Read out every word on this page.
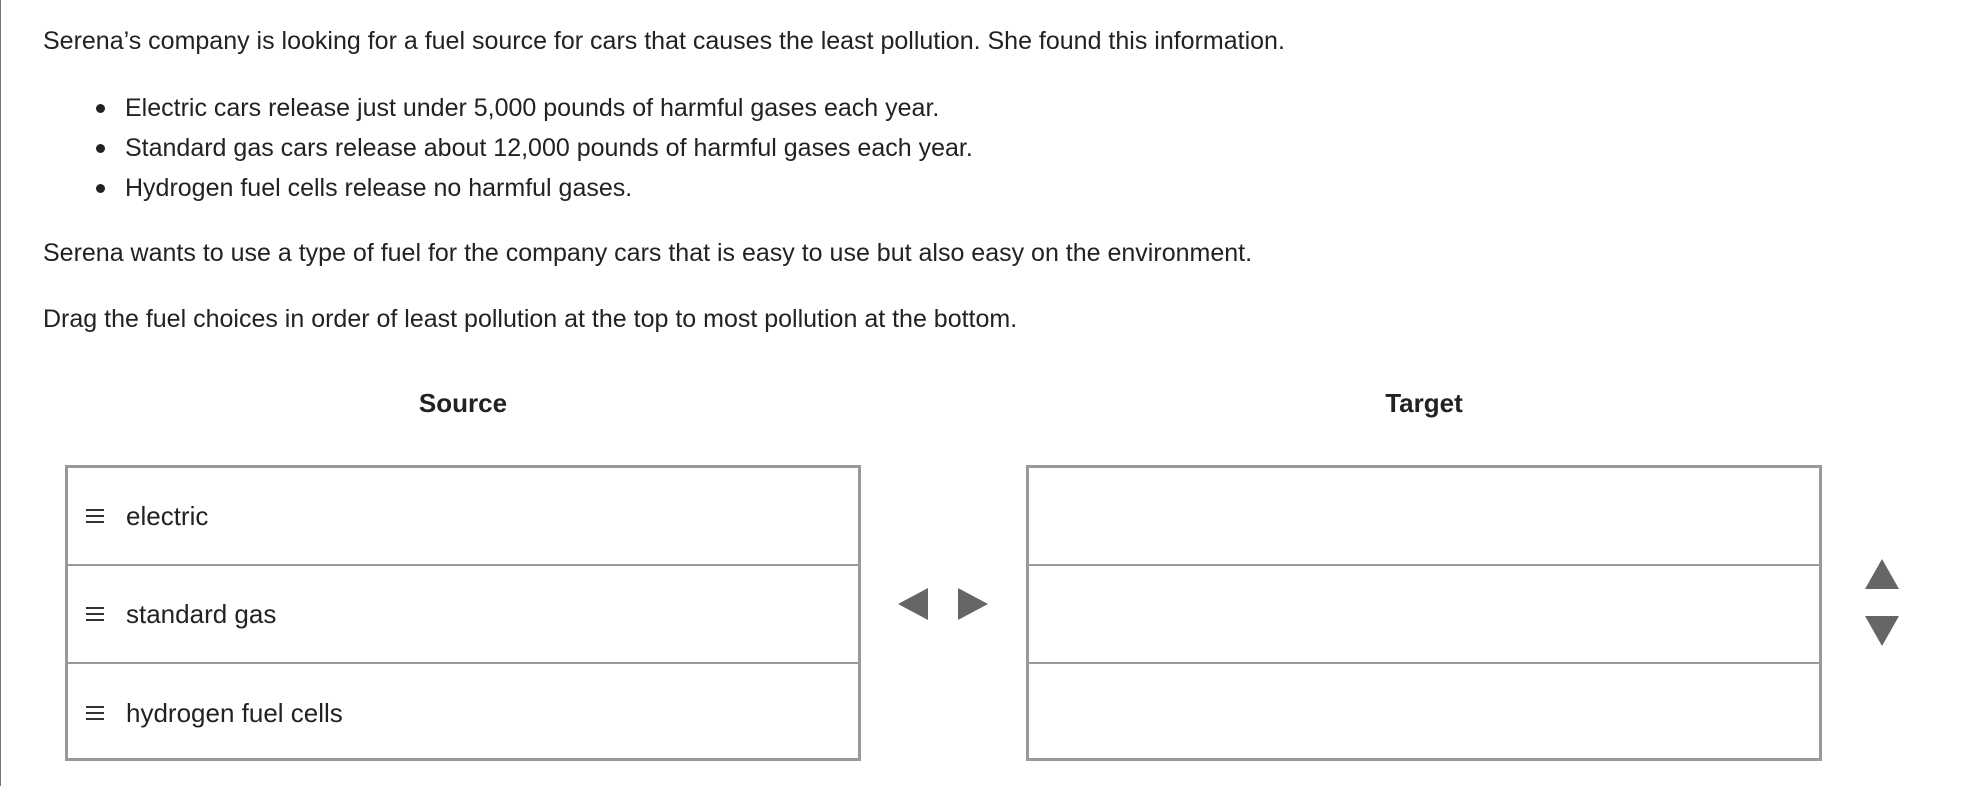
Serena’s company is looking for a fuel source for cars that causes the least pollution. She found this information.

Electric cars release just under 5,000 pounds of harmful gases each year.
Standard gas cars release about 12,000 pounds of harmful gases each year.
Hydrogen fuel cells release no harmful gases.

Serena wants to use a type of fuel for the company cars that is easy to use but also easy on the environment.

Drag the fuel choices in order of least pollution at the top to most pollution at the bottom.

Source	Target
electric
standard gas
hydrogen fuel cells
